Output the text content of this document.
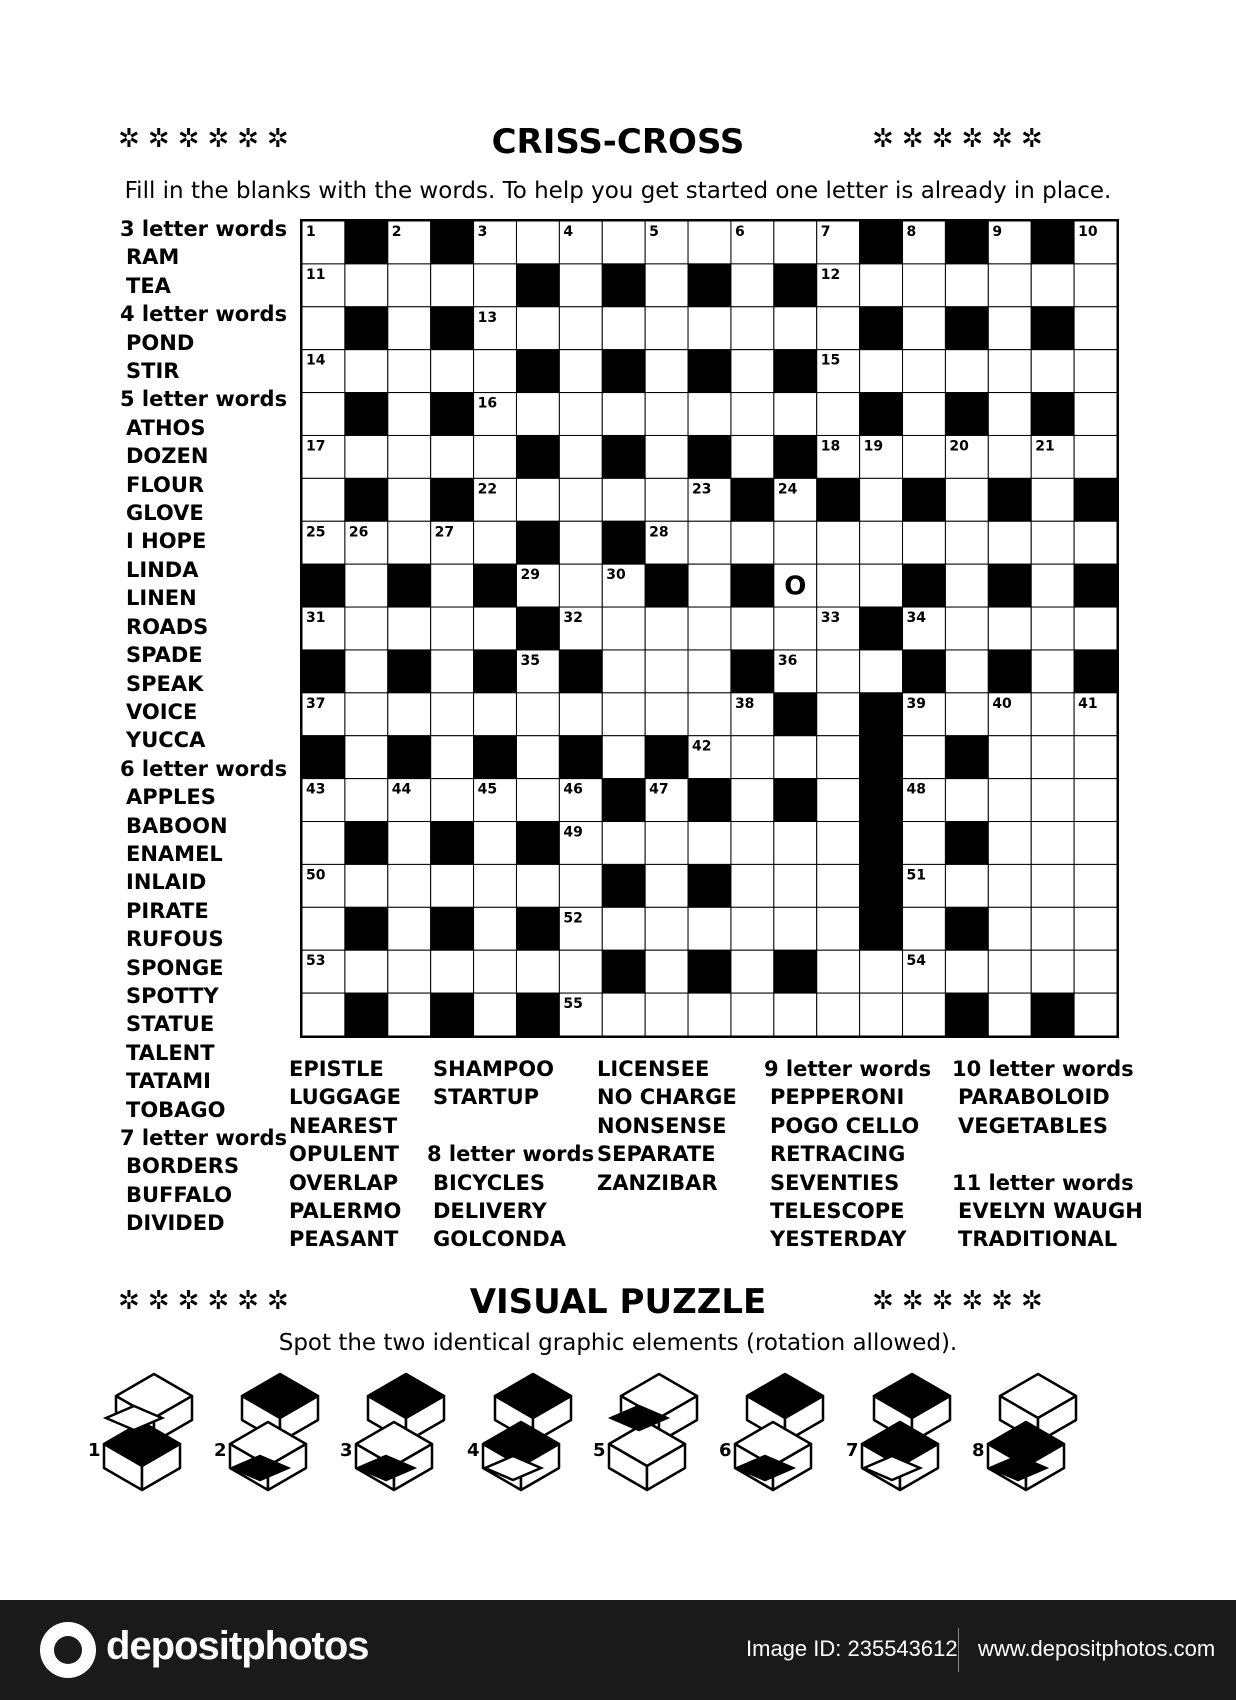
✲✲✲✲✲✲	CRISS-CROSS	✲✲✲✲✲✲
Fill in the blanks with the words. To help you get started one letter is already in place.
3 letter words
RAM
TEA
4 letter words
POND
STIR
5 letter words
ATHOS
DOZEN
FLOUR
GLOVE
I HOPE
LINDA
LINEN
ROADS
SPADE
SPEAK
VOICE
YUCCA
6 letter words
APPLES
BABOON
ENAMEL
INLAID
PIRATE
RUFOUS
SPONGE
SPOTTY
STATUE
TALENT
TATAMI
TOBAGO
7 letter words
BORDERS
BUFFALO
DIVIDED
EPISTLE
LUGGAGE
NEAREST
OPULENT
OVERLAP
PALERMO
PEASANT
SHAMPOO
STARTUP
8 letter words
BICYCLES
DELIVERY
GOLCONDA
LICENSEE
NO CHARGE
NONSENSE
SEPARATE
ZANZIBAR
9 letter words
PEPPERONI
POGO CELLO
RETRACING
SEVENTIES
TELESCOPE
YESTERDAY
10 letter words
PARABOLOID
VEGETABLES
11 letter words
EVELYN WAUGH
TRADITIONAL
1	2	3	4	5	6	7	8	9	10
11	12
13
14	15
16
17	18 19	20	21
22	23	24
25 26	27	28
29	30
31	32	33	34
35	36
37	38	39	40	41
42
43	44	45	46	47	48
49
50	51
52
53	54
55
O
✲✲✲✲✲✲	VISUAL PUZZLE	✲✲✲✲✲✲
Spot the two identical graphic elements (rotation allowed).
1	2	3	4	5	6	7	8
depositphotos	Image ID: 235543612 www.depositphotos.com
